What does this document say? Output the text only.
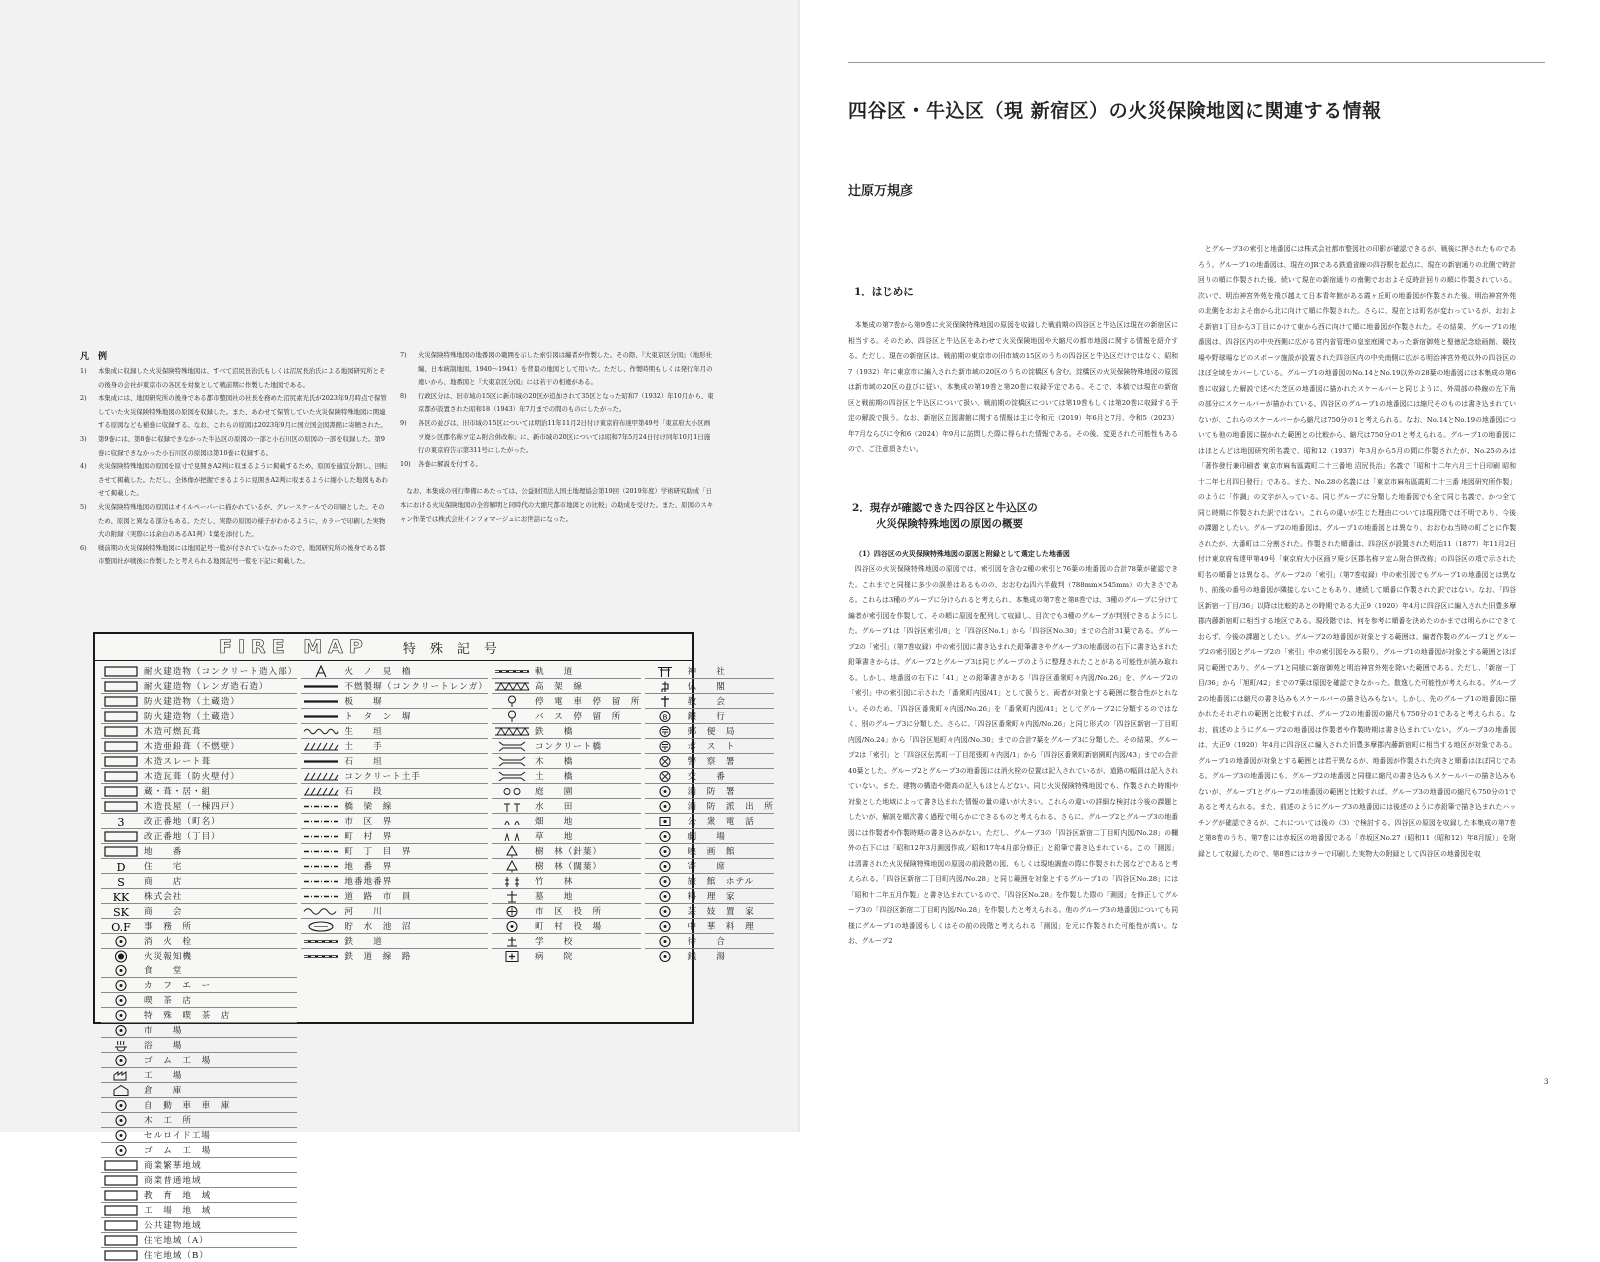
凡　例
1)	本集成に収録した火災保険特殊地図は、すべて沼尻長治氏もしくは沼尻長治氏による地図研究所とその後身の会社が東京市の各区を対象として戦前期に作製した地図である。
2)	本集成には、地図研究所の後身である都市整図社の社長を務めた沼尻素光氏が2023年9月時点で保管していた火災保険特殊地図の原図を収録した。また、あわせて保管していた火災保険特殊地図に関連する原図なども補巻に収録する。なお、これらの原図は2023年9月に国立国会図書館に寄贈された。
3)	第9巻には、第8巻に収録できなかった牛込区の原図の一部と小石川区の原図の一部を収録した。第9巻に収録できなかった小石川区の原図は第10巻に収録する。
4)	火災保険特殊地図の原図を原寸で見開きA2判に収まるように掲載するため、原図を適宜分割し、回転させて掲載した。ただし、全体像が把握できるように見開きA2判に収まるように縮小した地図もあわせて掲載した。
5)	火災保険特殊地図の原図はオイルペーパーに描かれているが、グレースケールでの印刷とした。そのため、原図と異なる部分もある。ただし、実際の原図の様子がわかるように、カラーで印刷した実物大の附録（実際には余白のあるA1判）1葉を添付した。
6)	戦前期の火災保険特殊地図には地図記号一覧が付されていなかったので、地図研究所の後身である都市整図社が戦後に作製したと考えられる地図記号一覧を下記に掲載した。
7)	火災保険特殊地図の地番図の範囲を示した索引図は編者が作製した。その際、『大東京区分図』（地形社編、日本統制地図、1940～1941）を背景の地図として用いた。ただし、作製時期もしくは発行年月の違いから、地番図と『大東京区分図』には若干の相違がある。
8)	行政区分は、旧市域の15区に新市域の20区が追加されて35区となった昭和7（1932）年10月から、東京都が設置された昭和18（1943）年7月までの間のものにしたがった。
9)	各区の並びは、旧市域の15区については明治11年11月2日付け東京府布達甲第49号「東京府大小区画ヲ廃シ区郡名称ヲ定ム附合併改称」に、新市域の20区については昭和7年5月24日付け同年10月1日施行の東京府告示第311号にしたがった。
10)	各巻に解説を付する。
なお、本集成の刊行準備にあたっては、公益財団法人国土地理協会第19回（2019年度）学術研究助成「日本における火災保険地図の全容解明と同時代の大縮尺都市地図との比較」の助成を受けた。また、原図のスキャン作業では株式会社インフォマージュにお世話になった。
FIRE MAP	特殊記号
耐火建造物（コンクリート造入部）
耐火建造物（レンガ造石造）
防火建造物（土蔵造）
防火建造物（土蔵造）
木造可燃瓦葺
木造亜鉛葺（不燃壁）
木造スレート葺
木造瓦葺（防火壁付）
蔵・葺・居・組
木造長屋（一棟四戸）
3	改正番地（町名）
改正番地（丁目）
地　　番
D	住　　宅
S	商　　店
KK	株式会社
SK	商　　会
O.F	事　務　所
消　火　栓
火災報知機
火　ノ　見　櫓
不燃製塀（コンクリートレンガ）
板　　塀
ト　タ　ン　塀
生　　垣
土　　手
石　　垣
コンクリート土手
石　　段
橋　梁　線
市　区　界
町　村　界
町　丁　目　界
地　番　界
地番地番界
道　路　市　員
河　　川
貯　水　池　沼
鉄　　道
鉄　道　線　路
軌　　道
高　架　線
停　電　車　停　留　所
バ　ス　停　留　所
鉄　　橋
コンクリート橋
木　　橋
土　　橋
庭　　園
水　　田
畑　　地
草　　地
樹　林（針葉）
樹　林（闊葉）
竹　　林
墓　　地
市　区　役　所
町　村　役　場
学　　校
病　　院
神　　社
仏　　閣
教　　会
B	銀　　行
郵　便　局
ポ　ス　ト
警　察　署
交　　番
消　防　署
消　防　派　出　所
公　衆　電　話
劇　　場
映　画　館
寄　　席
旅　館　ホテル
料　理　家
芸　妓　置　家
中　華　料　理
待　　合
銭　　湯
食　　堂
カ　フ　エ　ー
喫　茶　店
特　殊　喫　茶　店
市　　場
浴　　場
ゴ　ム　工　場
工　　場
倉　　庫
自　動　車　車　庫
木　工　所
セルロイド工場
ゴ　ム　工　場
商業繁華地域
商業普通地域
教　育　地　域
工　場　地　域
公共建物地域
住宅地域（A）
住宅地域（B）
四谷区・牛込区（現 新宿区）の火災保険地図に関連する情報
辻原万規彦
1．はじめに
本集成の第7巻から第9巻に火災保険特殊地図の原図を収録した戦前期の四谷区と牛込区は現在の新宿区に相当する。そのため、四谷区と牛込区をあわせて火災保険地図や大縮尺の都市地図に関する情報を紹介する。ただし、現在の新宿区は、戦前期の東京市の旧市域の15区のうちの四谷区と牛込区だけではなく、昭和7（1932）年に東京市に編入された新市域の20区のうちの淀橋区も含む。淀橋区の火災保険特殊地図の原図は新市域の20区の並びに従い、本集成の第19巻と第20巻に収録予定である。そこで、本稿では現在の新宿区と戦前期の四谷区と牛込区について扱い、戦前期の淀橋区については第19巻もしくは第20巻に収録する予定の解説で扱う。なお、新宿区立図書館に関する情報は主に令和元（2019）年6月と7月、令和5（2023）年7月ならびに令和6（2024）年9月に訪問した際に得られた情報である。その後、変更された可能性もあるので、ご注意頂きたい。
2．現存が確認できた四谷区と牛込区の
火災保険特殊地図の原図の概要
（1）四谷区の火災保険特殊地図の原図と附録として選定した地番図
四谷区の火災保険特殊地図の原図では、索引図を含む2種の索引と76葉の地番図の合計78葉が確認できた。これまでと同様に多少の誤差はあるものの、おおむね四六半截判（788mm×545mm）の大きさである。これらは3種のグループに分けられると考えられ、本集成の第7巻と第8巻では、3種のグループに分けて編者が索引図を作製して、その順に原図を配列して収録し、目次でも3種のグループが判別できるようにした。グループ1は「四谷区索引/8」と「四谷区No.1」から「四谷区No.30」までの合計31葉である。グループ2の「索引」（第7巻収録）中の索引図に書き込まれた鉛筆書きやグループ3の地番図の右下に書き込まれた鉛筆書きからは、グループ2とグループ3は同じグループのように整理されたことがある可能性が読み取れる。しかし、地番図の右下に「41」との鉛筆書きがある「四谷区番衆町々内図/No.26」を、グループ2の「索引」中の索引図に示された「番衆町内図/41」として扱うと、両者が対象とする範囲に整合性がとれない。そのため、「四谷区番衆町々内図/No.26」を「番衆町内図/41」としてグループ2に分類するのではなく、別のグループ3に分類した。さらに、「四谷区番衆町々内図/No.26」と同じ形式の「四谷区新宿一丁目町内図/No.24」から「四谷区旭町々内図/No.30」までの合計7葉をグループ3に分類した。その結果、グループ2は「索引」と「四谷区伝馬町一丁目尾張町々内図/1」から「四谷区番衆町新宿園町内図/43」までの合計40葉とした。グループ2とグループ3の地番図には消火栓の位置は記入されているが、道路の幅員は記入されていない。また、建物の構造や階高の記入もほとんどない。同じ火災保険特殊地図でも、作製された時期や対象とした地域によって書き込まれた情報の量の違いが大きい。これらの違いの詳細な検討は今後の課題としたいが、解説を順次書く過程で明らかにできるものと考えられる。さらに、グループ2とグループ3の地番図には作製者や作製時期の書き込みがない。ただし、グループ3の「四谷区新宿二丁目町内図/No.28」の欄外の右下には「昭和12年3月測図作成／昭和17年4月部分修正」と鉛筆で書き込まれている。この「測図」は清書された火災保険特殊地図の原図の前段階の図、もしくは現地調査の際に作製された図などであると考えられる。「四谷区新宿二丁目町内図/No.28」と同じ範囲を対象とするグループ1の「四谷区No.28」には「昭和十二年五月作製」と書き込まれているので、「四谷区No.28」を作製した際の「測図」を修正してグループ3の「四谷区新宿二丁目町内図/No.28」を作製したと考えられる。他のグループ3の地番図についても同様にグループ1の地番図もしくはその前の段階と考えられる「測図」を元に作製された可能性が高い。なお、グループ2
とグループ3の索引と地番図には株式会社都市整図社の印影が確認できるが、戦後に押されたものであろう。グループ1の地番図は、現在のJRである鉄道省線の四谷駅を起点に、現在の新宿通りの北側で時計回りの順に作製された後、続いて現在の新宿通りの南側でおおよそ反時計回りの順に作製されている。次いで、明治神宮外苑を飛び越えて日本青年館がある霞ヶ丘町の地番図が作製された後、明治神宮外苑の北側をおおよそ南から北に向けて順に作製された。さらに、現在とは町名が変わっているが、おおよそ新宿1丁目から3丁目にかけて東から西に向けて順に地番図が作製された。その結果、グループ1の地番図は、四谷区内の中央西側に広がる宮内省管理の皇室庭園であった新宿御苑と聖徳記念絵画館、競技場や野球場などのスポーツ施設が設置された四谷区内の中央南側に広がる明治神宮外苑以外の四谷区のほぼ全域をカバーしている。グループ1の地番図のNo.14とNo.19以外の28葉の地番図には本集成の第6巻に収録した解説で述べた芝区の地番図に描かれたスケールバーと同じように、外周部の枠線の左下角の部分にスケールバーが描かれている。四谷区のグループ1の地番図には縮尺そのものは書き込まれていないが、これらのスケールバーから縮尺は750分の1と考えられる。なお、No.14とNo.19の地番図についても他の地番図に描かれた範囲との比較から、縮尺は750分の1と考えられる。グループ1の地番図にはほとんどは地図研究所名義で、昭和12（1937）年3月から5月の間に作製されたが、No.25のみは「著作發行兼印刷者 東京市麻布區霞町二十三番地 沼尻長治」名義で「昭和十二年六月三十日印刷 昭和十二年七月四日發行」である。また、No.28の名義には「東京市麻布區霞町二十三番 地図研究所作製」のように「作調」の文字が入っている。同じグループに分類した地番図でも全て同じ名義で、かつ全て同じ時期に作製された訳ではない。これらの違いが生じた理由については現段階では不明であり、今後の課題としたい。グループ2の地番図は、グループ1の地番図とは異なり、おおむね当時の町ごとに作製されたが、大番町は二分割された。作製された順番は、四谷区が設置された明治11（1877）年11月2日付け東京府布達甲第49号「東京府大小区画ヲ廃シ区郡名称ヲ定ム附合併改称」の四谷区の項で示された町名の順番とは異なる。グループ2の「索引」（第7巻収録）中の索引図でもグループ1の地番図とは異なり、前後の番号の地番図が隣接しないこともあり、連続して順番に作製された訳ではない。なお、「四谷区新宿一丁目/36」以降は比較的あとの時期である大正9（1920）年4月に四谷区に編入された旧豊多摩郡内藤新宿町に相当する地区である。現段階では、何を参考に順番を決めたのかまでは明らかにできておらず、今後の課題としたい。グループ2の地番図が対象とする範囲は、編者作製のグループ1とグループ2の索引図とグループ2の「索引」中の索引図をみる限り、グループ1の地番図が対象とする範囲とほぼ同じ範囲であり、グループ1と同様に新宿御苑と明治神宮外苑を除いた範囲である。ただし、「新宿一丁目/36」から「旭町/42」までの7葉は原図を確認できなかった。散逸した可能性が考えられる。グループ2の地番図には縮尺の書き込みもスケールバーの描き込みもない。しかし、先のグループ1の地番図に描かれたそれぞれの範囲と比較すれば、グループ2の地番図の縮尺も750分の1であると考えられる。なお、前述のようにグループ2の地番図は作製者や作製時期は書き込まれていない。グループ3の地番図は、大正9（1920）年4月に四谷区に編入された旧豊多摩郡内藤新宿町に相当する地区が対象である。グループ1の地番図が対象とする範囲とは若干異なるが、地番図が作製された向きと順番はほぼ同じである。グループ3の地番図にも、グループ2の地番図と同様に縮尺の書き込みもスケールバーの描き込みもないが、グループ1とグループ2の地番図の範囲と比較すれば、グループ3の地番図の縮尺も750分の1であると考えられる。また、前述のようにグループ3の地番図には後述のように赤鉛筆で描き込まれたハッチングが確認できるが、これについては後の（3）で検討する。四谷区の原図を収録した本集成の第7巻と第8巻のうち、第7巻には赤坂区の地番図である「赤坂区No.27（昭和11（昭和12）年8月版）」を附録として収録したので、第8巻にはカラーで印刷した実物大の附録として四谷区の地番図を収
3
